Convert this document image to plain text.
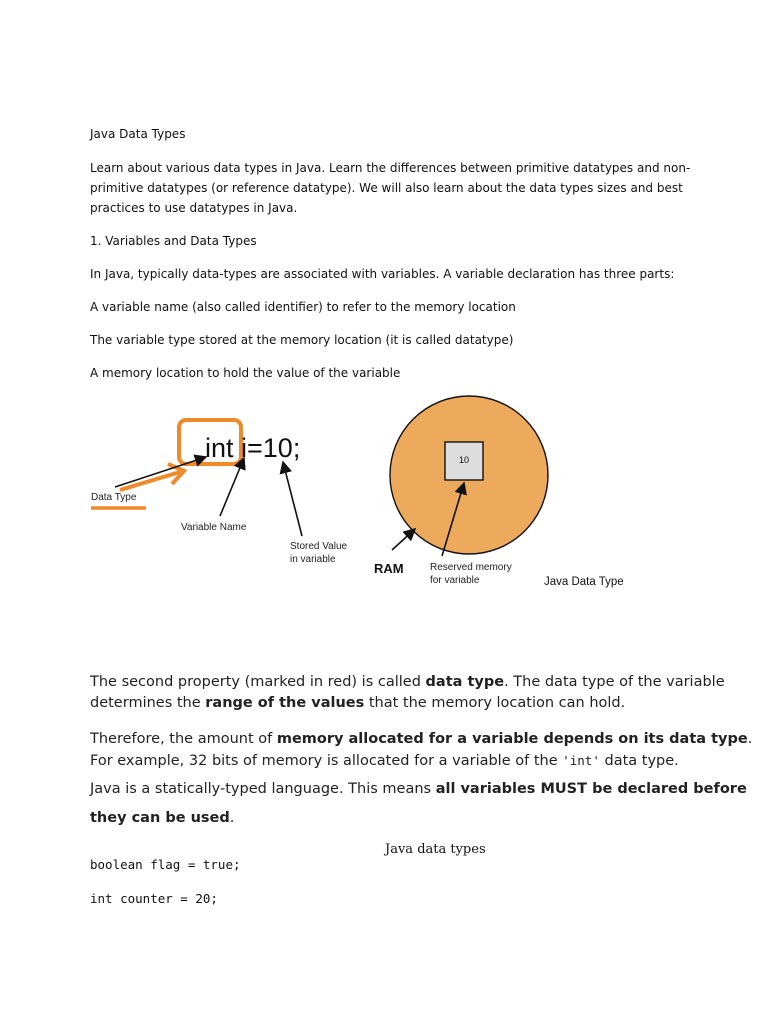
Java Data Types
Learn about various data types in Java. Learn the differences between primitive datatypes and non-
primitive datatypes (or reference datatype). We will also learn about the data types sizes and best
practices to use datatypes in Java.
1. Variables and Data Types
In Java, typically data-types are associated with variables. A variable declaration has three parts:
A variable name (also called identifier) to refer to the memory location
The variable type stored at the memory location (it is called datatype)
A memory location to hold the value of the variable
int i=10;
Data Type
Variable Name
Stored Value
in variable
10
RAM	Reserved memory
for variable	Java Data Type
The second property (marked in red) is called data type. The data type of the variable
determines the range of the values that the memory location can hold.
Therefore, the amount of memory allocated for a variable depends on its data type.
For example, 32 bits of memory is allocated for a variable of the 'int' data type.
Java is a statically-typed language. This means all variables MUST be declared before
they can be used.
Java data types
boolean flag = true;
int counter = 20;
